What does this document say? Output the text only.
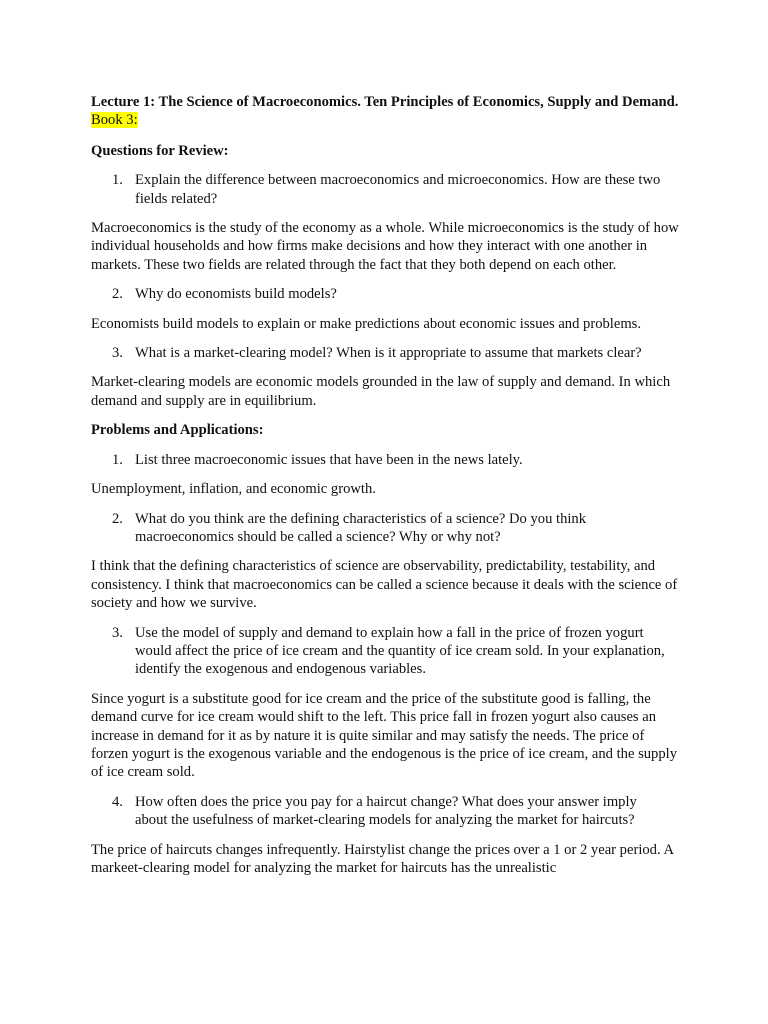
Lecture 1: The Science of Macroeconomics. Ten Principles of Economics, Supply and Demand.

Book 3:

Questions for Review:

1. Explain the difference between macroeconomics and microeconomics. How are these two fields related?

Macroeconomics is the study of the economy as a whole. While microeconomics is the study of how individual households and how firms make decisions and how they interact with one another in markets. These two fields are related through the fact that they both depend on each other.

2. Why do economists build models?

Economists build models to explain or make predictions about economic issues and problems.

3. What is a market-clearing model? When is it appropriate to assume that markets clear?

Market-clearing models are economic models grounded in the law of supply and demand. In which demand and supply are in equilibrium.

Problems and Applications:

1. List three macroeconomic issues that have been in the news lately.

Unemployment, inflation, and economic growth.

2. What do you think are the defining characteristics of a science? Do you think macroeconomics should be called a science? Why or why not?

I think that the defining characteristics of science are observability, predictability, testability, and consistency. I think that macroeconomics can be called a science because it deals with the science of society and how we survive.

3. Use the model of supply and demand to explain how a fall in the price of frozen yogurt would affect the price of ice cream and the quantity of ice cream sold. In your explanation, identify the exogenous and endogenous variables.

Since yogurt is a substitute good for ice cream and the price of the substitute good is falling, the demand curve for ice cream would shift to the left. This price fall in frozen yogurt also causes an increase in demand for it as by nature it is quite similar and may satisfy the needs. The price of forzen yogurt is the exogenous variable and the endogenous is the price of ice cream, and the supply of ice cream sold.

4. How often does the price you pay for a haircut change? What does your answer imply about the usefulness of market-clearing models for analyzing the market for haircuts?

The price of haircuts changes infrequently. Hairstylist change the prices over a 1 or 2 year period. A markeet-clearing model for analyzing the market for haircuts has the unrealistic
